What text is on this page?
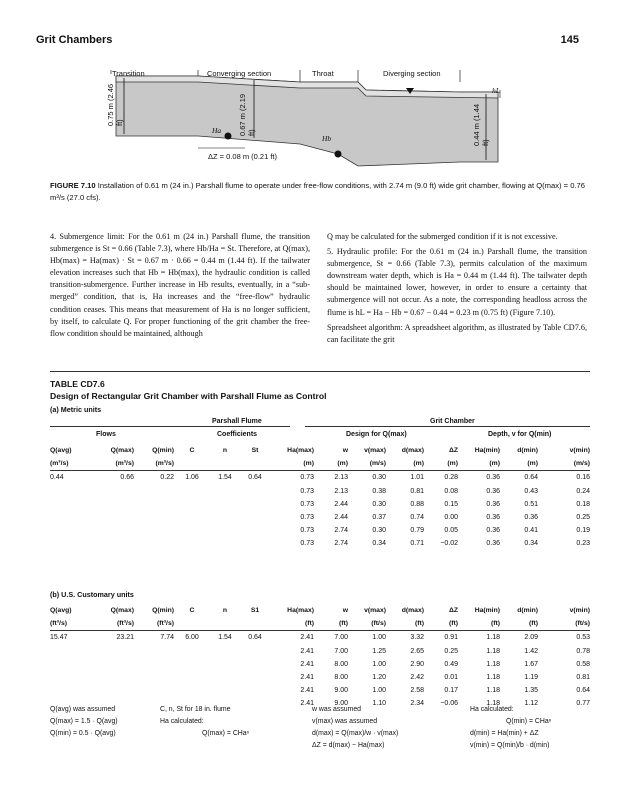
Grit Chambers	145
Transition	Converging section	Throat	Diverging section
hL
Ha
Hb
0.75 m (2.46 ft)	0.67 m (2.19 ft)	0.44 m (1.44 ft)
ΔZ = 0.08 m (0.21 ft)
FIGURE 7.10 Installation of 0.61 m (24 in.) Parshall flume to operate under free-flow conditions, with 2.74 m (9.0 ft) wide grit chamber, flowing at Q(max) = 0.76 m³/s (27.0 cfs).

4. Submergence limit: For the 0.61 m (24 in.) Parshall flume, the transition submergence is St = 0.66 (Table 7.3), where Hb/Ha = St. Therefore, at Q(max), Hb(max) = Ha(max) · St = 0.67 m · 0.66 = 0.44 m (1.44 ft). If the tailwater elevation increases such that Hb = Hb(max), the hydraulic condition is called transition-submergence. Further increase in Hb results, eventually, in a “sub-merged” condition, that is, Ha increases and the “free-flow” hydraulic condition ceases. This means that measurement of Ha is no longer sufficient, by itself, to calculate Q. For proper functioning of the grit chamber the free-flow condition should be maintained, although

Q may be calculated for the submerged condition if it is not excessive.

5. Hydraulic profile: For the 0.61 m (24 in.) Parshall flume, the transition submergence, St = 0.66 (Table 7.3), permits calculation of the maximum downstream water depth, which is Ha = 0.44 m (1.44 ft). The tailwater depth should be maintained lower, however, in order to ensure a certainty that submergence will not occur. As a note, the corresponding headloss across the flume is hL = Ha − Hb = 0.67 − 0.44 = 0.23 m (0.75 ft) (Figure 7.10).

Spreadsheet algorithm: A spreadsheet algorithm, as illustrated by Table CD7.6, can facilitate the grit

TABLE CD7.6
Design of Rectangular Grit Chamber with Parshall Flume as Control
(a) Metric units
Parshall Flume	Grit Chamber
Flows	Coefficients	Design for Q(max)	Depth, v for Q(min)
Q(avg)	Q(max)	Q(min)	C	n	St	Ha(max)	w	v(max)	d(max)	ΔZ	Ha(min)	d(min)	v(min)
(m³/s)	(m³/s)	(m³/s)				(m)	(m)	(m/s)	(m)	(m)	(m)	(m)	(m/s)
0.44	0.66	0.22	1.06	1.54	0.64	0.73	2.13	0.30	1.01	0.28	0.36	0.64	0.16
						0.73	2.13	0.38	0.81	0.08	0.36	0.43	0.24
						0.73	2.44	0.30	0.88	0.15	0.36	0.51	0.18
						0.73	2.44	0.37	0.74	0.00	0.36	0.36	0.25
						0.73	2.74	0.30	0.79	0.05	0.36	0.41	0.19
						0.73	2.74	0.34	0.71	−0.02	0.36	0.34	0.23
(b) U.S. Customary units
Q(avg)	Q(max)	Q(min)	C	n	S1	Ha(max)	w	v(max)	d(max)	ΔZ	Ha(min)	d(min)	v(min)
(ft³/s)	(ft³/s)	(ft³/s)				(ft)	(ft)	(ft/s)	(ft)	(ft)	(ft)	(ft)	(ft/s)
15.47	23.21	7.74	6.00	1.54	0.64	2.41	7.00	1.00	3.32	0.91	1.18	2.09	0.53
						2.41	7.00	1.25	2.65	0.25	1.18	1.42	0.78
						2.41	8.00	1.00	2.90	0.49	1.18	1.67	0.58
						2.41	8.00	1.20	2.42	0.01	1.18	1.19	0.81
						2.41	9.00	1.00	2.58	0.17	1.18	1.35	0.64
						2.41	9.00	1.10	2.34	−0.06	1.18	1.12	0.77
Q(avg) was assumed
Q(max) = 1.5 · Q(avg)
Q(min) = 0.5 · Q(avg)
C, n, St for 18 in. flume
Ha calculated:
Q(max) = CHaⁿ
w was assumed
v(max) was assumed
d(max) = Q(max)/w · v(max)
ΔZ = d(max) − Ha(max)
Ha calculated:
Q(min) = CHaⁿ
d(min) = Ha(min) + ΔZ
v(min) = Q(min)/b · d(min)
